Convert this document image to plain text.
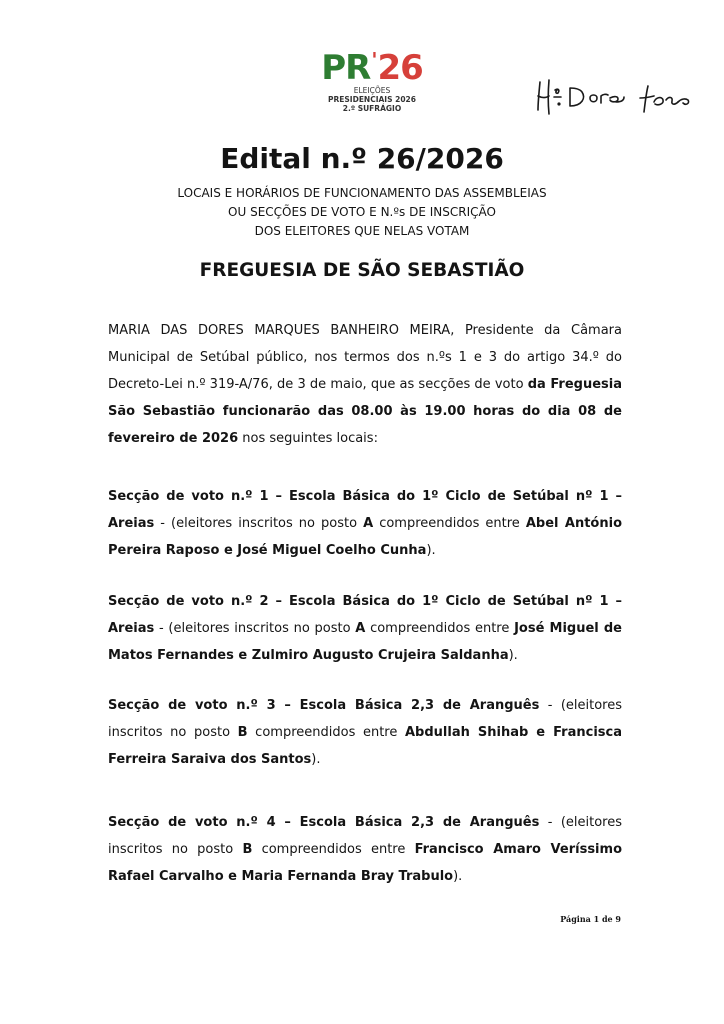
PR'26
ELEIÇÕES
PRESIDENCIAIS 2026
2.º SUFRÁGIO
Edital n.º 26/2026
LOCAIS E HORÁRIOS DE FUNCIONAMENTO DAS ASSEMBLEIAS
OU SECÇÕES DE VOTO E N.ºs DE INSCRIÇÃO
DOS ELEITORES QUE NELAS VOTAM
FREGUESIA DE SÃO SEBASTIÃO

MARIA DAS DORES MARQUES BANHEIRO MEIRA, Presidente da Câmara Municipal de Setúbal público, nos termos dos n.ºs 1 e 3 do artigo 34.º do Decreto-Lei n.º 319-A/76, de 3 de maio, que as secções de voto da Freguesia São Sebastião funcionarão das 08.00 às 19.00 horas do dia 08 de fevereiro de 2026 nos seguintes locais:

Secção de voto n.º 1 – Escola Básica do 1º Ciclo de Setúbal nº 1 – Areias - (eleitores inscritos no posto A compreendidos entre Abel António Pereira Raposo e José Miguel Coelho Cunha).

Secção de voto n.º 2 – Escola Básica do 1º Ciclo de Setúbal nº 1 – Areias - (eleitores inscritos no posto A compreendidos entre José Miguel de Matos Fernandes e Zulmiro Augusto Crujeira Saldanha).

Secção de voto n.º 3 – Escola Básica 2,3 de Aranguês - (eleitores inscritos no posto B compreendidos entre Abdullah Shihab e Francisca Ferreira Saraiva dos Santos).

Secção de voto n.º 4 – Escola Básica 2,3 de Aranguês - (eleitores inscritos no posto B compreendidos entre Francisco Amaro Veríssimo Rafael Carvalho e Maria Fernanda Bray Trabulo).

Página 1 de 9
